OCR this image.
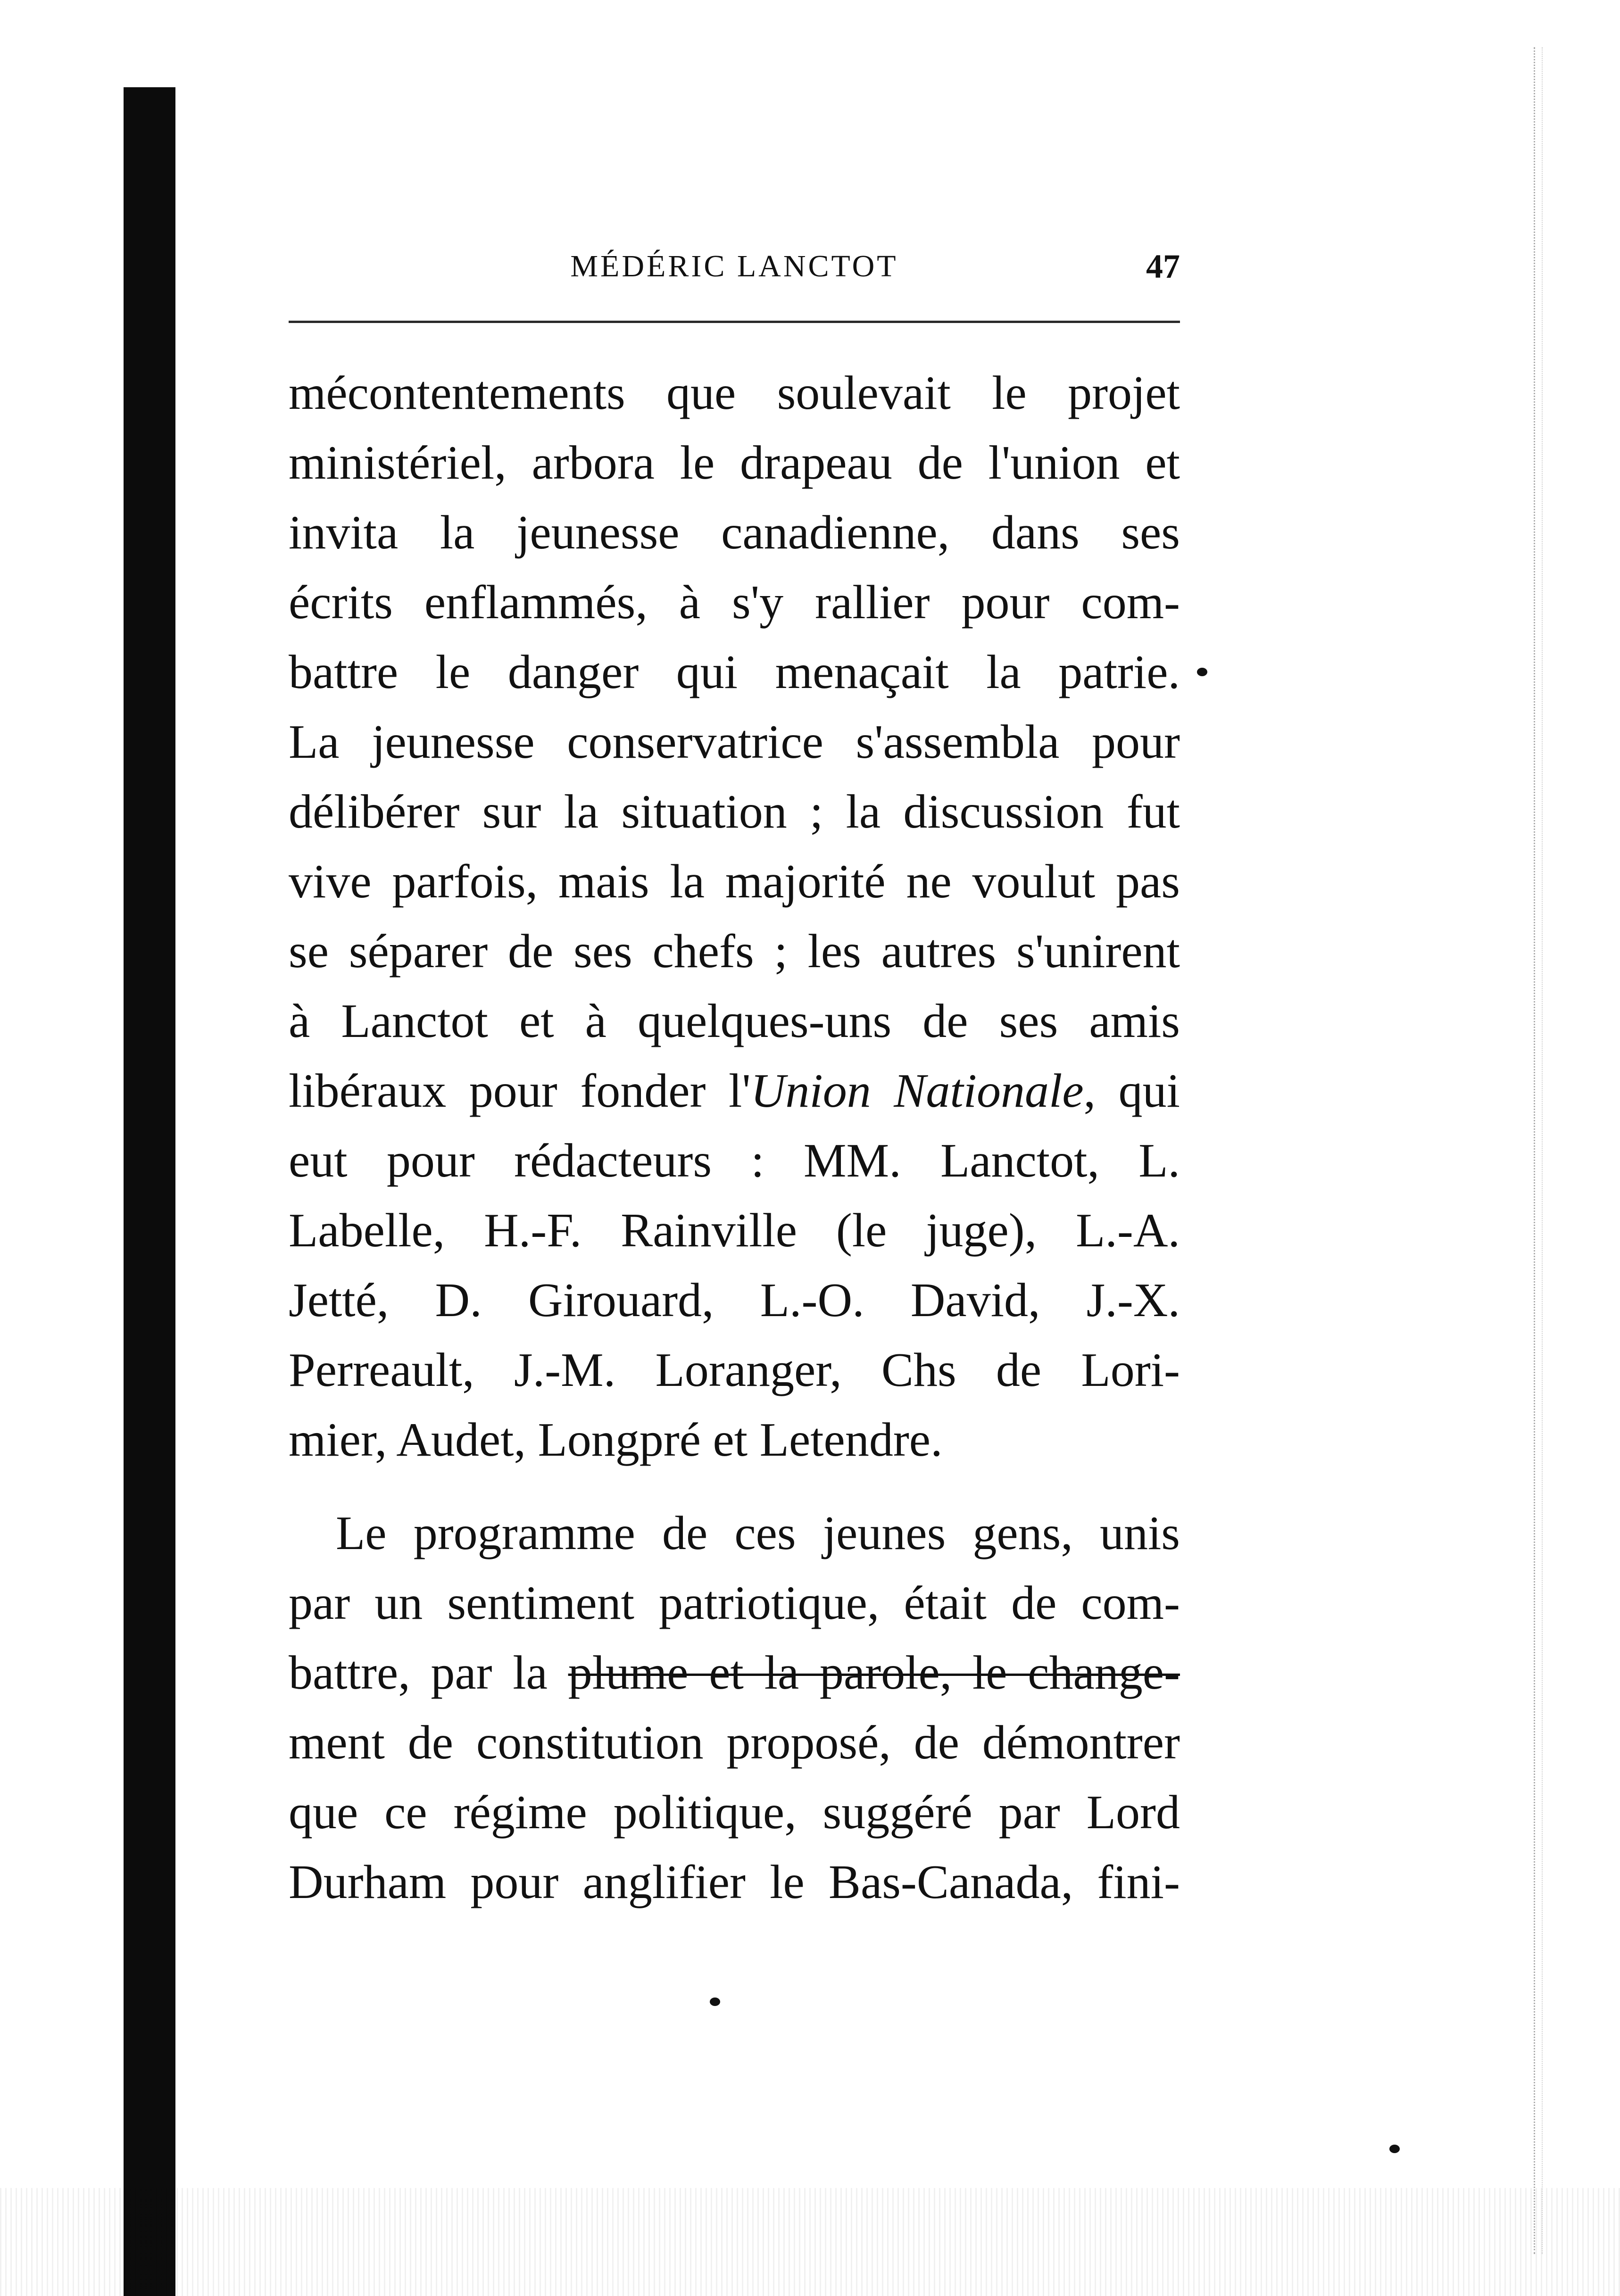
MÉDÉRIC LANCTOT	47
mécontentements que soulevait le projet
ministériel, arbora le drapeau de l'union et
invita la jeunesse canadienne, dans ses
écrits enflammés, à s'y rallier pour com-
battre le danger qui menaçait la patrie.
La jeunesse conservatrice s'assembla pour
délibérer sur la situation ; la discussion fut
vive parfois, mais la majorité ne voulut pas
se séparer de ses chefs ; les autres s'unirent
à Lanctot et à quelques-uns de ses amis
libéraux pour fonder l'Union Nationale, qui
eut pour rédacteurs : MM. Lanctot, L.
Labelle, H.-F. Rainville (le juge), L.-A.
Jetté, D. Girouard, L.-O. David, J.-X.
Perreault, J.-M. Loranger, Chs de Lori-
mier, Audet, Longpré et Letendre.
Le programme de ces jeunes gens, unis
par un sentiment patriotique, était de com-
battre, par la plume et la parole, le change-
ment de constitution proposé, de démontrer
que ce régime politique, suggéré par Lord
Durham pour anglifier le Bas-Canada, fini-
